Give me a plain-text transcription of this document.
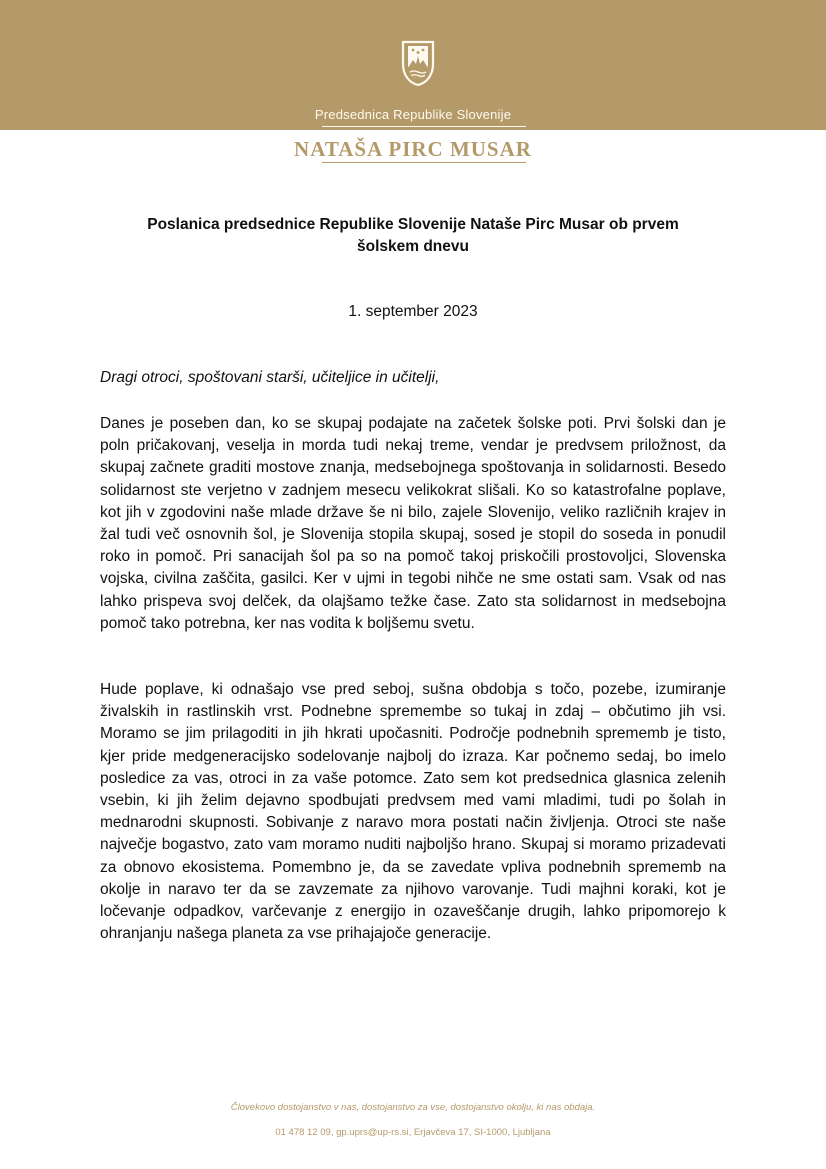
Predsednica Republike Slovenije
NATAŠA PIRC MUSAR
Poslanica predsednice Republike Slovenije Nataše Pirc Musar ob prvem šolskem dnevu
1. september 2023
Dragi otroci, spoštovani starši, učiteljice in učitelji,
Danes je poseben dan, ko se skupaj podajate na začetek šolske poti. Prvi šolski dan je poln pričakovanj, veselja in morda tudi nekaj treme, vendar je predvsem priložnost, da skupaj začnete graditi mostove znanja, medsebojnega spoštovanja in solidarnosti. Besedo solidarnost ste verjetno v zadnjem mesecu velikokrat slišali. Ko so katastrofalne poplave, kot jih v zgodovini naše mlade države še ni bilo, zajele Slovenijo, veliko različnih krajev in žal tudi več osnovnih šol, je Slovenija stopila skupaj, sosed je stopil do soseda in ponudil roko in pomoč. Pri sanacijah šol pa so na pomoč takoj priskočili prostovoljci, Slovenska vojska, civilna zaščita, gasilci. Ker v ujmi in tegobi nihče ne sme ostati sam. Vsak od nas lahko prispeva svoj delček, da olajšamo težke čase. Zato sta solidarnost in medsebojna pomoč tako potrebna, ker nas vodita k boljšemu svetu.
Hude poplave, ki odnašajo vse pred seboj, sušna obdobja s točo, pozebe, izumiranje živalskih in rastlinskih vrst. Podnebne spremembe so tukaj in zdaj – občutimo jih vsi. Moramo se jim prilagoditi in jih hkrati upočasniti. Področje podnebnih sprememb je tisto, kjer pride medgeneracijsko sodelovanje najbolj do izraza. Kar počnemo sedaj, bo imelo posledice za vas, otroci in za vaše potomce. Zato sem kot predsednica glasnica zelenih vsebin, ki jih želim dejavno spodbujati predvsem med vami mladimi, tudi po šolah in mednarodni skupnosti. Sobivanje z naravo mora postati način življenja. Otroci ste naše največje bogastvo, zato vam moramo nuditi najboljšo hrano. Skupaj si moramo prizadevati za obnovo ekosistema. Pomembno je, da se zavedate vpliva podnebnih sprememb na okolje in naravo ter da se zavzemate za njihovo varovanje. Tudi majhni koraki, kot je ločevanje odpadkov, varčevanje z energijo in ozaveščanje drugih, lahko pripomorejo k ohranjanju našega planeta za vse prihajajoče generacije.
Človekovo dostojanstvo v nas, dostojanstvo za vse, dostojanstvo okolju, ki nas obdaja.
01 478 12 09, gp.uprs@up-rs.si, Erjavčeva 17, SI-1000, Ljubljana
